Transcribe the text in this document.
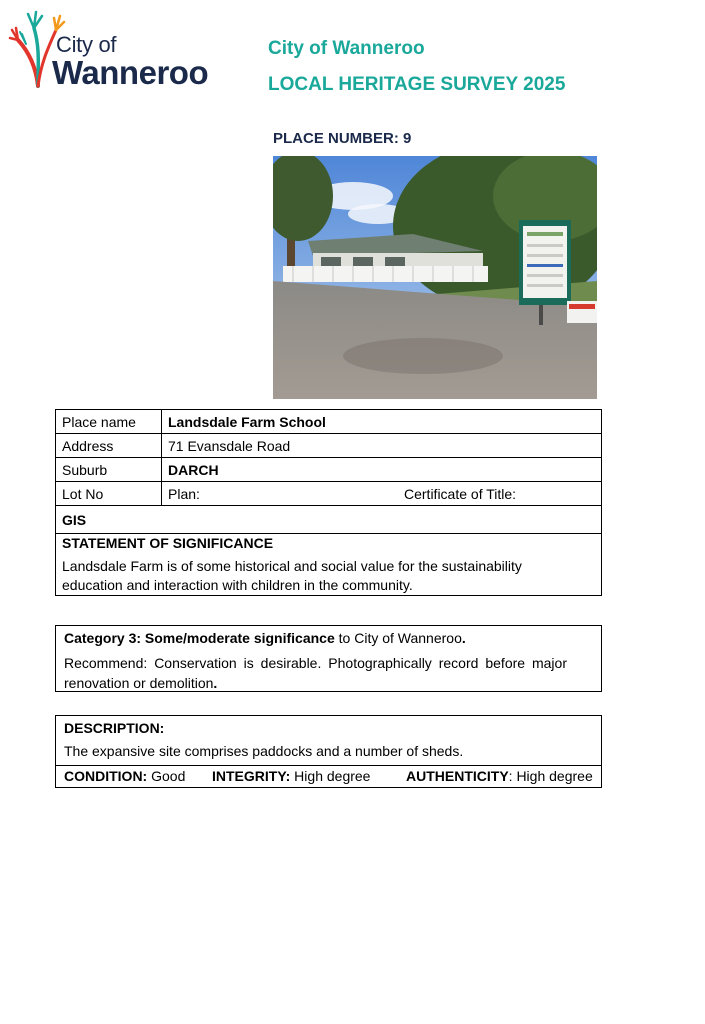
City of
Wanneroo
City of Wanneroo
LOCAL HERITAGE SURVEY 2025
PLACE NUMBER: 9
Place name	Landsdale Farm School
Address	71 Evansdale Road
Suburb	DARCH
Lot No	Plan: Certificate of Title:

GIS	

STATEMENT OF SIGNIFICANCE
Landsdale Farm is of some historical and social value for the sustainability education and interaction with children in the community.	
Category 3: Some/moderate significance to City of Wanneroo.
Recommend: Conservation is desirable. Photographically record before major renovation or demolition.
DESCRIPTION:
The expansive site comprises paddocks and a number of sheds.
CONDITION: Good INTEGRITY: High degree	AUTHENTICITY: High degree
